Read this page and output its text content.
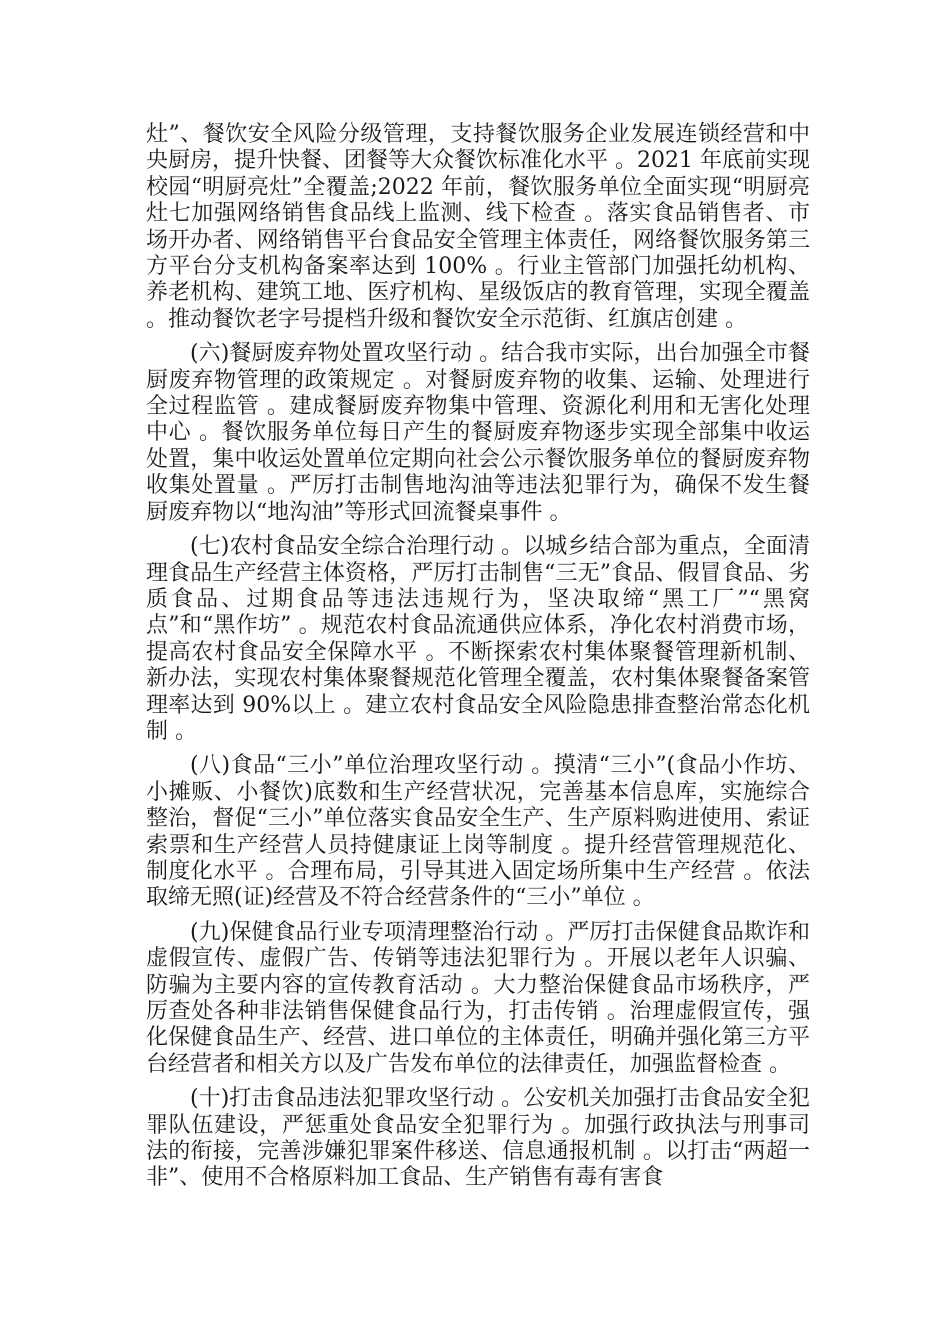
灶”、餐饮安全风险分级管理，支持餐饮服务企业发展连锁经营和中央厨房，提升快餐、团餐等大众餐饮标准化水平 。2021 年底前实现校园“明厨亮灶”全覆盖;2022 年前，餐饮服务单位全面实现“明厨亮灶七加强网络销售食品线上监测、线下检查 。落实食品销售者、市场开办者、网络销售平台食品安全管理主体责任，网络餐饮服务第三方平台分支机构备案率达到 100% 。行业主管部门加强托幼机构、养老机构、建筑工地、医疗机构、星级饭店的教育管理，实现全覆盖 。推动餐饮老字号提档升级和餐饮安全示范街、红旗店创建 。

(六)餐厨废弃物处置攻坚行动 。结合我市实际，出台加强全市餐厨废弃物管理的政策规定 。对餐厨废弃物的收集、运输、处理进行全过程监管 。建成餐厨废弃物集中管理、资源化利用和无害化处理中心 。餐饮服务单位每日产生的餐厨废弃物逐步实现全部集中收运处置，集中收运处置单位定期向社会公示餐饮服务单位的餐厨废弃物收集处置量 。严厉打击制售地沟油等违法犯罪行为，确保不发生餐厨废弃物以“地沟油”等形式回流餐桌事件 。

(七)农村食品安全综合治理行动 。以城乡结合部为重点，全面清理食品生产经营主体资格，严厉打击制售“三无”食品、假冒食品、劣质食品、过期食品等违法违规行为，坚决取缔“黑工厂”“黑窝点”和“黑作坊” 。规范农村食品流通供应体系，净化农村消费市场，提高农村食品安全保障水平 。不断探索农村集体聚餐管理新机制、新办法，实现农村集体聚餐规范化管理全覆盖，农村集体聚餐备案管理率达到 90%以上 。建立农村食品安全风险隐患排查整治常态化机制 。

(八)食品“三小”单位治理攻坚行动 。摸清“三小”(食品小作坊、小摊贩、小餐饮)底数和生产经营状况，完善基本信息库，实施综合整治，督促“三小”单位落实食品安全生产、生产原料购进使用、索证索票和生产经营人员持健康证上岗等制度 。提升经营管理规范化、制度化水平 。合理布局，引导其进入固定场所集中生产经营 。依法取缔无照(证)经营及不符合经营条件的“三小”单位 。

(九)保健食品行业专项清理整治行动 。严厉打击保健食品欺诈和虚假宣传、虚假广告、传销等违法犯罪行为 。开展以老年人识骗、防骗为主要内容的宣传教育活动 。大力整治保健食品市场秩序，严厉查处各种非法销售保健食品行为，打击传销 。治理虚假宣传，强化保健食品生产、经营、进口单位的主体责任，明确并强化第三方平台经营者和相关方以及广告发布单位的法律责任，加强监督检查 。

(十)打击食品违法犯罪攻坚行动 。公安机关加强打击食品安全犯罪队伍建设，严惩重处食品安全犯罪行为 。加强行政执法与刑事司法的衔接，完善涉嫌犯罪案件移送、信息通报机制 。以打击“两超一非”、使用不合格原料加工食品、生产销售有毒有害食
